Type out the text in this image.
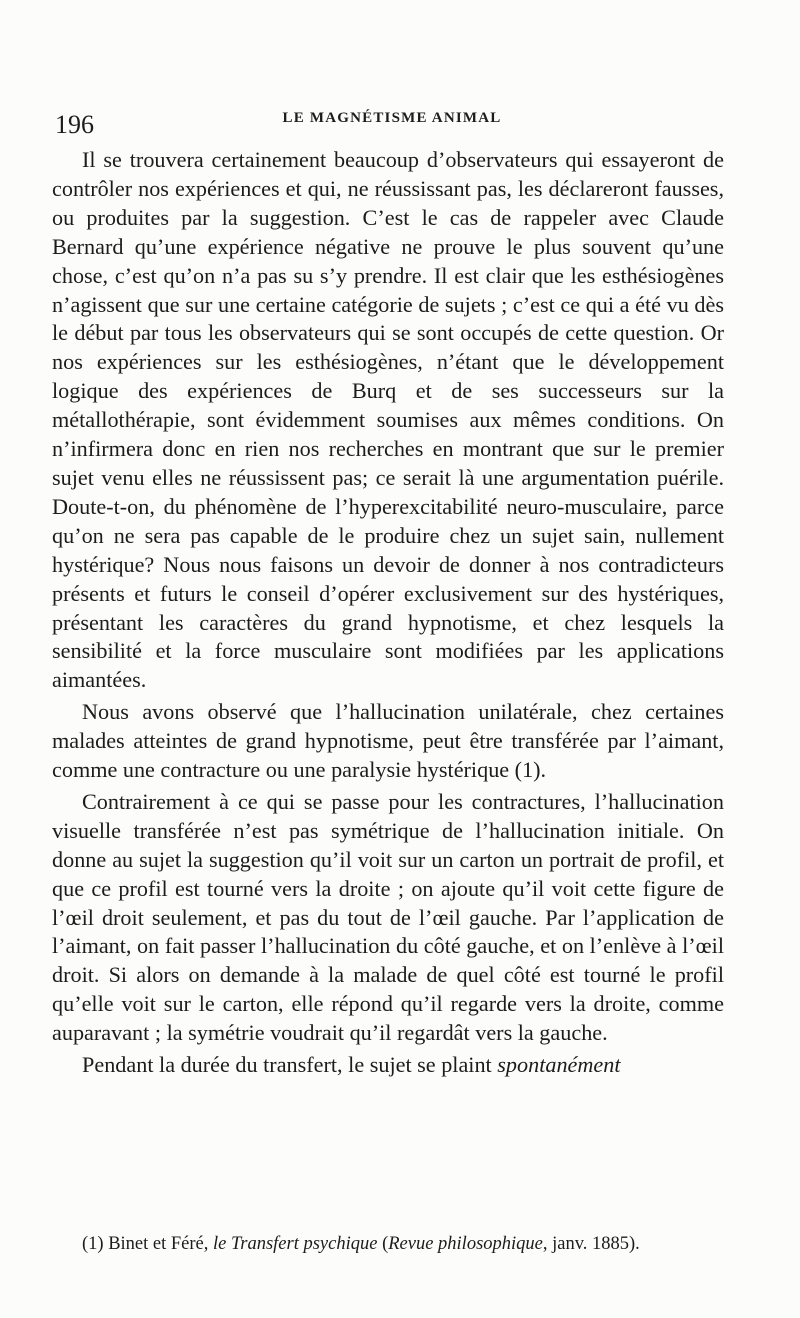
196	LE MAGNÉTISME ANIMAL

Il se trouvera certainement beaucoup d’observateurs qui essayeront de contrôler nos expériences et qui, ne réussissant pas, les déclareront fausses, ou produites par la suggestion. C’est le cas de rappeler avec Claude Bernard qu’une expérience négative ne prouve le plus souvent qu’une chose, c’est qu’on n’a pas su s’y prendre. Il est clair que les esthésiogènes n’agissent que sur une certaine catégorie de sujets ; c’est ce qui a été vu dès le début par tous les observateurs qui se sont occupés de cette question. Or nos expériences sur les esthésiogènes, n’étant que le développement logique des expériences de Burq et de ses successeurs sur la métallothérapie, sont évidemment soumises aux mêmes conditions. On n’infirmera donc en rien nos recherches en montrant que sur le premier sujet venu elles ne réussissent pas; ce serait là une argumentation puérile. Doute-t-on, du phénomène de l’hyperexcitabilité neuro-musculaire, parce qu’on ne sera pas capable de le produire chez un sujet sain, nullement hystérique? Nous nous faisons un devoir de donner à nos contradicteurs présents et futurs le conseil d’opérer exclusivement sur des hystériques, présentant les caractères du grand hypnotisme, et chez lesquels la sensibilité et la force musculaire sont modifiées par les applications aimantées.

Nous avons observé que l’hallucination unilatérale, chez certaines malades atteintes de grand hypnotisme, peut être transférée par l’aimant, comme une contracture ou une paralysie hystérique (1).

Contrairement à ce qui se passe pour les contractures, l’hallucination visuelle transférée n’est pas symétrique de l’hallucination initiale. On donne au sujet la suggestion qu’il voit sur un carton un portrait de profil, et que ce profil est tourné vers la droite ; on ajoute qu’il voit cette figure de l’œil droit seulement, et pas du tout de l’œil gauche. Par l’application de l’aimant, on fait passer l’hallucination du côté gauche, et on l’enlève à l’œil droit. Si alors on demande à la malade de quel côté est tourné le profil qu’elle voit sur le carton, elle répond qu’il regarde vers la droite, comme auparavant ; la symétrie voudrait qu’il regardât vers la gauche.

Pendant la durée du transfert, le sujet se plaint spontanément

(1) Binet et Féré, le Transfert psychique (Revue philosophique, janv. 1885).
